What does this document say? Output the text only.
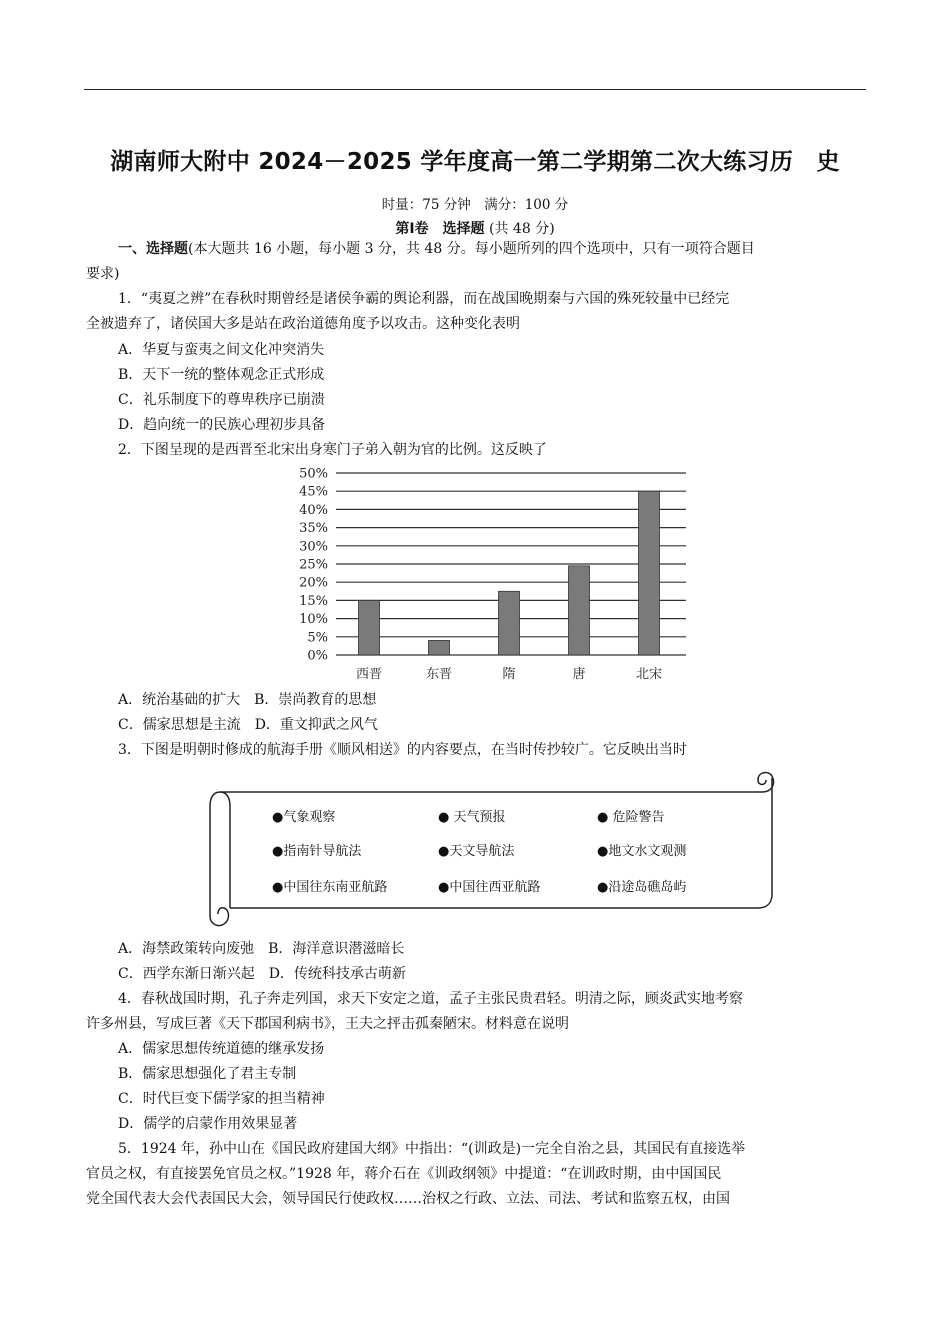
湖南师大附中 2024－2025 学年度高一第二学期第二次大练习历　史
时量：75 分钟　满分：100 分
第Ⅰ卷　选择题 (共 48 分)
一、选择题(本大题共 16 小题，每小题 3 分，共 48 分。每小题所列的四个选项中，只有一项符合题目
要求)
1．“夷夏之辨”在春秋时期曾经是诸侯争霸的舆论利器，而在战国晚期秦与六国的殊死较量中已经完
全被遗弃了，诸侯国大多是站在政治道德角度予以攻击。这种变化表明
A．华夏与蛮夷之间文化冲突消失
B．天下一统的整体观念正式形成
C．礼乐制度下的尊卑秩序已崩溃
D．趋向统一的民族心理初步具备
2．下图呈现的是西晋至北宋出身寒门子弟入朝为官的比例。这反映了
0%
5%
10%
15%
20%
25%
30%
35%
40%
45%
50%
西晋	东晋	隋	唐	北宋
A．统治基础的扩大　B．崇尚教育的思想
C．儒家思想是主流　D．重文抑武之风气
3．下图是明朝时修成的航海手册《顺风相送》的内容要点，在当时传抄较广。它反映出当时
●气象观察	● 天气预报	● 危险警告
●指南针导航法	●天文导航法	●地文水文观测
●中国往东南亚航路	●中国往西亚航路	●沿途岛礁岛屿
A．海禁政策转向废弛　B．海洋意识潜滋暗长
C．西学东渐日渐兴起　D．传统科技承古萌新
4．春秋战国时期，孔子奔走列国，求天下安定之道，孟子主张民贵君轻。明清之际，顾炎武实地考察
许多州县，写成巨著《天下郡国利病书》，王夫之抨击孤秦陋宋。材料意在说明
A．儒家思想传统道德的继承发扬
B．儒家思想强化了君主专制
C．时代巨变下儒学家的担当精神
D．儒学的启蒙作用效果显著
5．1924 年，孙中山在《国民政府建国大纲》中指出：“(训政是)一完全自治之县，其国民有直接选举
官员之权，有直接罢免官员之权。”1928 年，蒋介石在《训政纲领》中提道：“在训政时期，由中国国民
党全国代表大会代表国民大会，领导国民行使政权……治权之行政、立法、司法、考试和监察五权，由国
